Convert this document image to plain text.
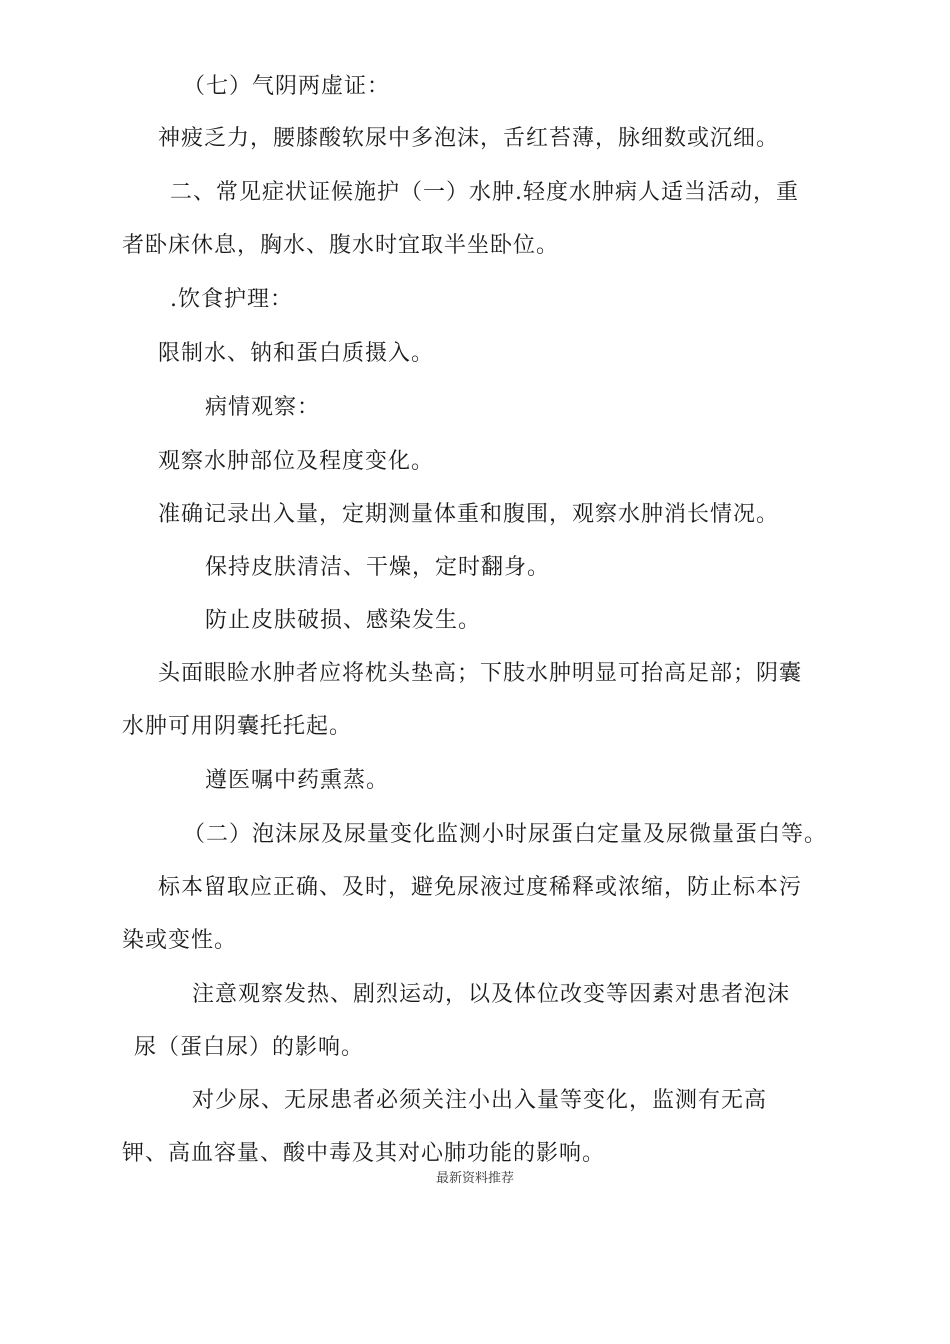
（七）气阴两虚证：
神疲乏力，腰膝酸软尿中多泡沫，舌红苔薄，脉细数或沉细。
二、常见症状证候施护（一）水肿.轻度水肿病人适当活动，重
者卧床休息，胸水、腹水时宜取半坐卧位。
.饮食护理：
限制水、钠和蛋白质摄入。
病情观察：
观察水肿部位及程度变化。
准确记录出入量，定期测量体重和腹围，观察水肿消长情况。
保持皮肤清洁、干燥，定时翻身。
防止皮肤破损、感染发生。
头面眼睑水肿者应将枕头垫高；下肢水肿明显可抬高足部；阴囊
水肿可用阴囊托托起。
遵医嘱中药熏蒸。
（二）泡沫尿及尿量变化监测小时尿蛋白定量及尿微量蛋白等。
标本留取应正确、及时，避免尿液过度稀释或浓缩，防止标本污
染或变性。
注意观察发热、剧烈运动，以及体位改变等因素对患者泡沫
尿（蛋白尿）的影响。
对少尿、无尿患者必须关注小出入量等变化，监测有无高
钾、高血容量、酸中毒及其对心肺功能的影响。
最新资料推荐
